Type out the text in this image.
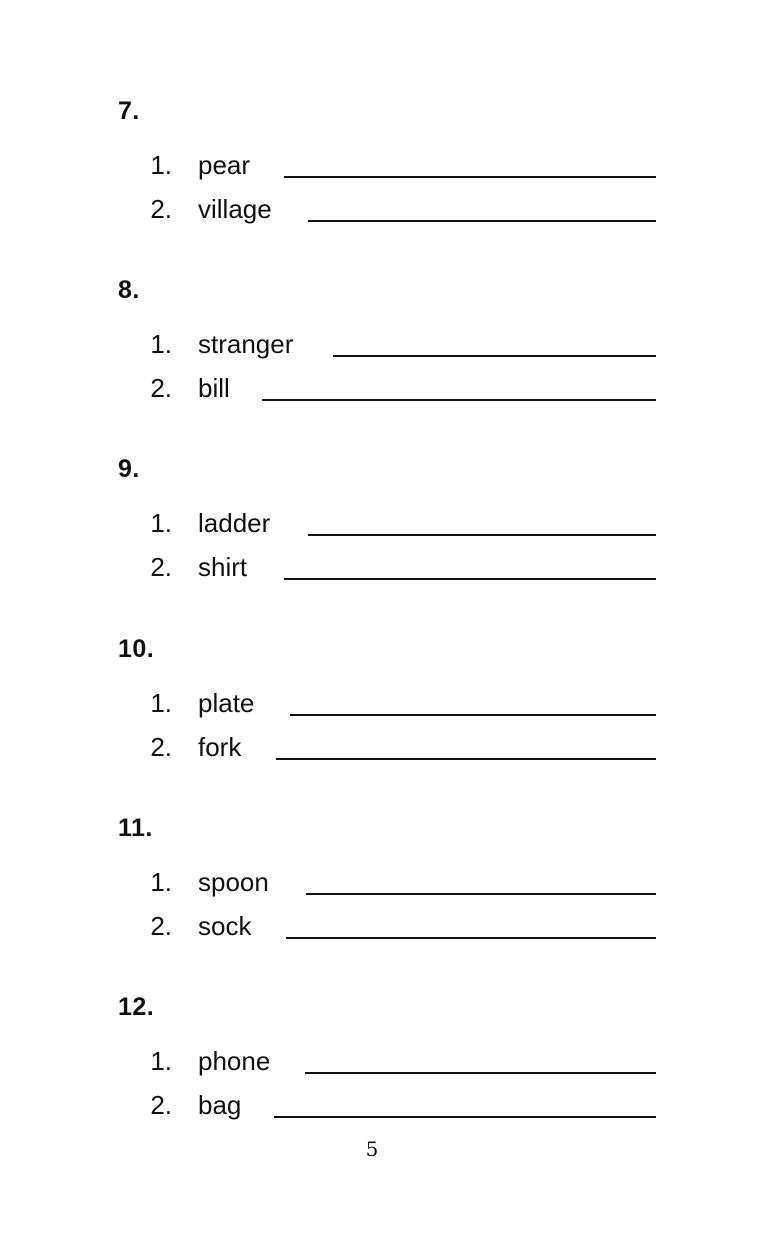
7.
1. pear
2. village
8.
1. stranger
2. bill
9.
1. ladder
2. shirt
10.
1. plate
2. fork
11.
1. spoon
2. sock
12.
1. phone
2. bag
5
